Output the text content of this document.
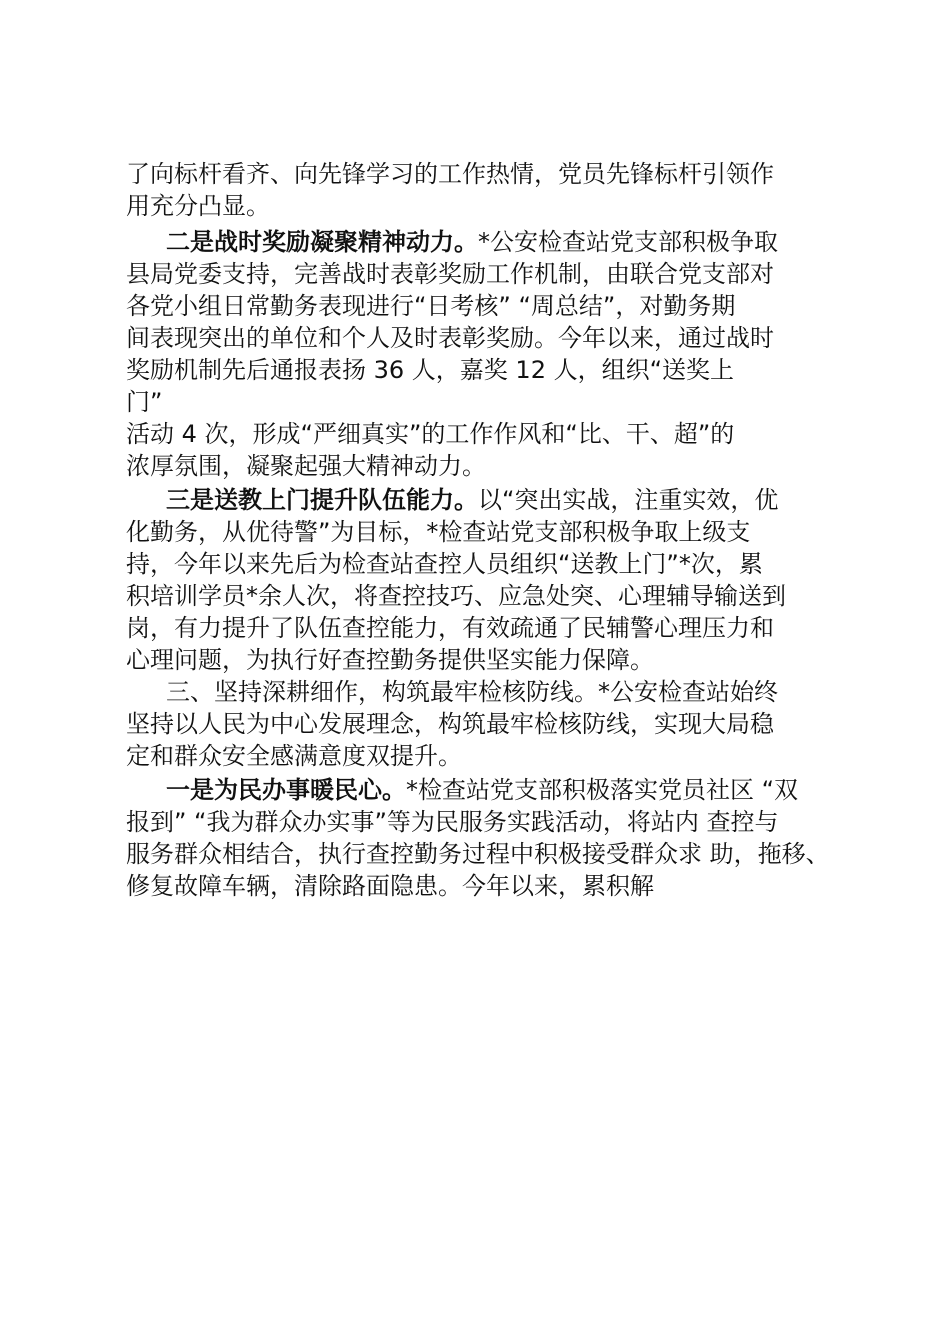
了向标杆看齐、向先锋学习的工作热情，党员先锋标杆引领作
用充分凸显。
二是战时奖励凝聚精神动力。*公安检查站党支部积极争取
县局党委支持，完善战时表彰奖励工作机制，由联合党支部对
各党小组日常勤务表现进行“日考核” “周总结”，对勤务期
间表现突出的单位和个人及时表彰奖励。今年以来，通过战时
奖励机制先后通报表扬 36 人，嘉奖 12 人，组织“送奖上
门”
活动 4 次，形成“严细真实”的工作作风和“比、干、超”的
浓厚氛围，凝聚起强大精神动力。
三是送教上门提升队伍能力。以“突出实战，注重实效，优
化勤务，从优待警”为目标，*检查站党支部积极争取上级支
持，今年以来先后为检查站查控人员组织“送教上门”*次，累
积培训学员*余人次，将查控技巧、应急处突、心理辅导输送到
岗，有力提升了队伍查控能力，有效疏通了民辅警心理压力和
心理问题，为执行好查控勤务提供坚实能力保障。
三、坚持深耕细作，构筑最牢检核防线。*公安检查站始终
坚持以人民为中心发展理念，构筑最牢检核防线，实现大局稳
定和群众安全感满意度双提升。
一是为民办事暖民心。*检查站党支部积极落实党员社区 “双
报到” “我为群众办实事”等为民服务实践活动，将站内 查控与
服务群众相结合，执行查控勤务过程中积极接受群众求 助，拖移、
修复故障车辆，清除路面隐患。今年以来，累积解
